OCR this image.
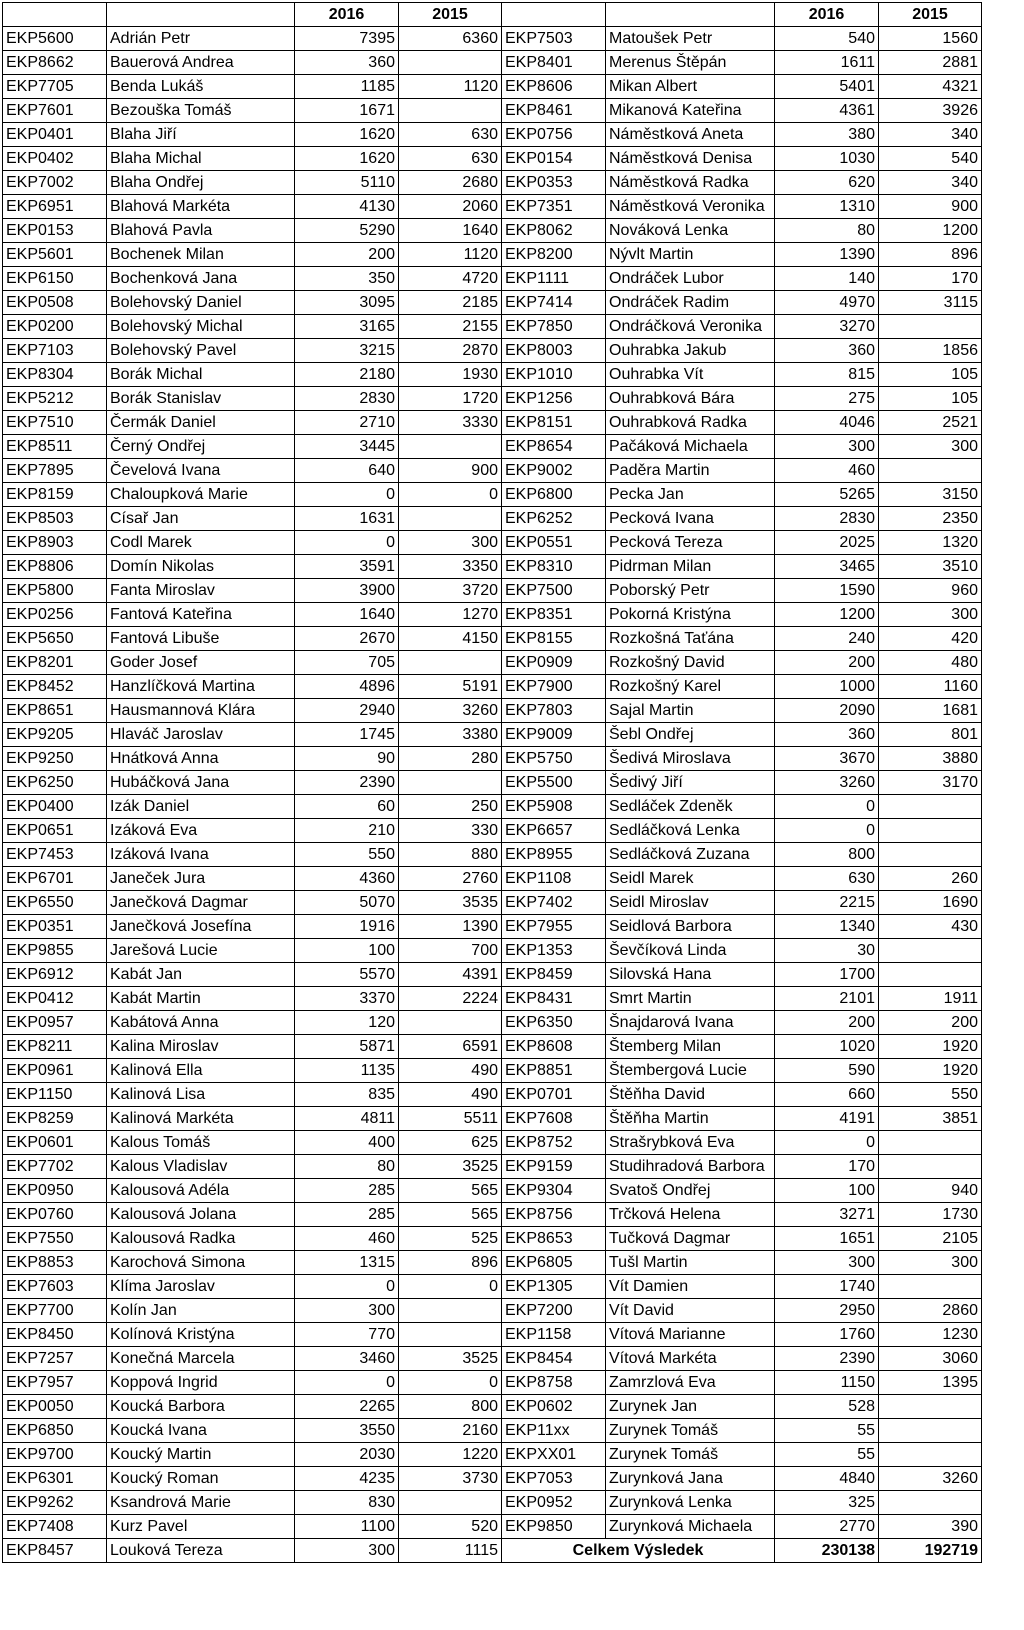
		2016	2015			2016	2015
EKP5600	Adrián Petr	7395	6360	EKP7503	Matoušek Petr	540	1560
EKP8662	Bauerová Andrea	360		EKP8401	Merenus Štěpán	1611	2881
EKP7705	Benda Lukáš	1185	1120	EKP8606	Mikan Albert	5401	4321
EKP7601	Bezouška Tomáš	1671		EKP8461	Mikanová Kateřina	4361	3926
EKP0401	Blaha Jiří	1620	630	EKP0756	Náměstková Aneta	380	340
EKP0402	Blaha Michal	1620	630	EKP0154	Náměstková Denisa	1030	540
EKP7002	Blaha Ondřej	5110	2680	EKP0353	Náměstková Radka	620	340
EKP6951	Blahová Markéta	4130	2060	EKP7351	Náměstková Veronika	1310	900
EKP0153	Blahová Pavla	5290	1640	EKP8062	Nováková Lenka	80	1200
EKP5601	Bochenek Milan	200	1120	EKP8200	Nývlt Martin	1390	896
EKP6150	Bochenková Jana	350	4720	EKP1111	Ondráček Lubor	140	170
EKP0508	Bolehovský Daniel	3095	2185	EKP7414	Ondráček Radim	4970	3115
EKP0200	Bolehovský Michal	3165	2155	EKP7850	Ondráčková Veronika	3270	
EKP7103	Bolehovský Pavel	3215	2870	EKP8003	Ouhrabka Jakub	360	1856
EKP8304	Borák Michal	2180	1930	EKP1010	Ouhrabka Vít	815	105
EKP5212	Borák Stanislav	2830	1720	EKP1256	Ouhrabková Bára	275	105
EKP7510	Čermák Daniel	2710	3330	EKP8151	Ouhrabková Radka	4046	2521
EKP8511	Černý Ondřej	3445		EKP8654	Pačáková Michaela	300	300
EKP7895	Čevelová Ivana	640	900	EKP9002	Paděra Martin	460	
EKP8159	Chaloupková Marie	0	0	EKP6800	Pecka Jan	5265	3150
EKP8503	Císař Jan	1631		EKP6252	Pecková Ivana	2830	2350
EKP8903	Codl Marek	0	300	EKP0551	Pecková Tereza	2025	1320
EKP8806	Domín Nikolas	3591	3350	EKP8310	Pidrman Milan	3465	3510
EKP5800	Fanta Miroslav	3900	3720	EKP7500	Poborský Petr	1590	960
EKP0256	Fantová Kateřina	1640	1270	EKP8351	Pokorná Kristýna	1200	300
EKP5650	Fantová Libuše	2670	4150	EKP8155	Rozkošná Taťána	240	420
EKP8201	Goder Josef	705		EKP0909	Rozkošný David	200	480
EKP8452	Hanzlíčková Martina	4896	5191	EKP7900	Rozkošný Karel	1000	1160
EKP8651	Hausmannová Klára	2940	3260	EKP7803	Sajal Martin	2090	1681
EKP9205	Hlaváč Jaroslav	1745	3380	EKP9009	Šebl Ondřej	360	801
EKP9250	Hnátková Anna	90	280	EKP5750	Šedivá Miroslava	3670	3880
EKP6250	Hubáčková Jana	2390		EKP5500	Šedivý Jiří	3260	3170
EKP0400	Izák Daniel	60	250	EKP5908	Sedláček Zdeněk	0	
EKP0651	Izáková Eva	210	330	EKP6657	Sedláčková Lenka	0	
EKP7453	Izáková Ivana	550	880	EKP8955	Sedláčková Zuzana	800	
EKP6701	Janeček Jura	4360	2760	EKP1108	Seidl Marek	630	260
EKP6550	Janečková Dagmar	5070	3535	EKP7402	Seidl Miroslav	2215	1690
EKP0351	Janečková Josefína	1916	1390	EKP7955	Seidlová Barbora	1340	430
EKP9855	Jarešová Lucie	100	700	EKP1353	Ševčíková Linda	30	
EKP6912	Kabát Jan	5570	4391	EKP8459	Silovská Hana	1700	
EKP0412	Kabát Martin	3370	2224	EKP8431	Smrt Martin	2101	1911
EKP0957	Kabátová Anna	120		EKP6350	Šnajdarová Ivana	200	200
EKP8211	Kalina Miroslav	5871	6591	EKP8608	Štemberg Milan	1020	1920
EKP0961	Kalinová Ella	1135	490	EKP8851	Štembergová Lucie	590	1920
EKP1150	Kalinová Lisa	835	490	EKP0701	Štěňha David	660	550
EKP8259	Kalinová Markéta	4811	5511	EKP7608	Štěňha Martin	4191	3851
EKP0601	Kalous Tomáš	400	625	EKP8752	Strašrybková Eva	0	
EKP7702	Kalous Vladislav	80	3525	EKP9159	Studihradová Barbora	170	
EKP0950	Kalousová Adéla	285	565	EKP9304	Svatoš Ondřej	100	940
EKP0760	Kalousová Jolana	285	565	EKP8756	Trčková Helena	3271	1730
EKP7550	Kalousová Radka	460	525	EKP8653	Tučková Dagmar	1651	2105
EKP8853	Karochová Simona	1315	896	EKP6805	Tušl Martin	300	300
EKP7603	Klíma Jaroslav	0	0	EKP1305	Vít Damien	1740	
EKP7700	Kolín Jan	300		EKP7200	Vít David	2950	2860
EKP8450	Kolínová Kristýna	770		EKP1158	Vítová Marianne	1760	1230
EKP7257	Konečná Marcela	3460	3525	EKP8454	Vítová Markéta	2390	3060
EKP7957	Koppová Ingrid	0	0	EKP8758	Zamrzlová Eva	1150	1395
EKP0050	Koucká Barbora	2265	800	EKP0602	Zurynek Jan	528	
EKP6850	Koucká Ivana	3550	2160	EKP11xx	Zurynek Tomáš	55	
EKP9700	Koucký Martin	2030	1220	EKPXX01	Zurynek Tomáš	55	
EKP6301	Koucký Roman	4235	3730	EKP7053	Zurynková Jana	4840	3260
EKP9262	Ksandrová Marie	830		EKP0952	Zurynková Lenka	325	
EKP7408	Kurz Pavel	1100	520	EKP9850	Zurynková Michaela	2770	390
EKP8457	Louková Tereza	300	1115	Celkem Výsledek		230138	192719
